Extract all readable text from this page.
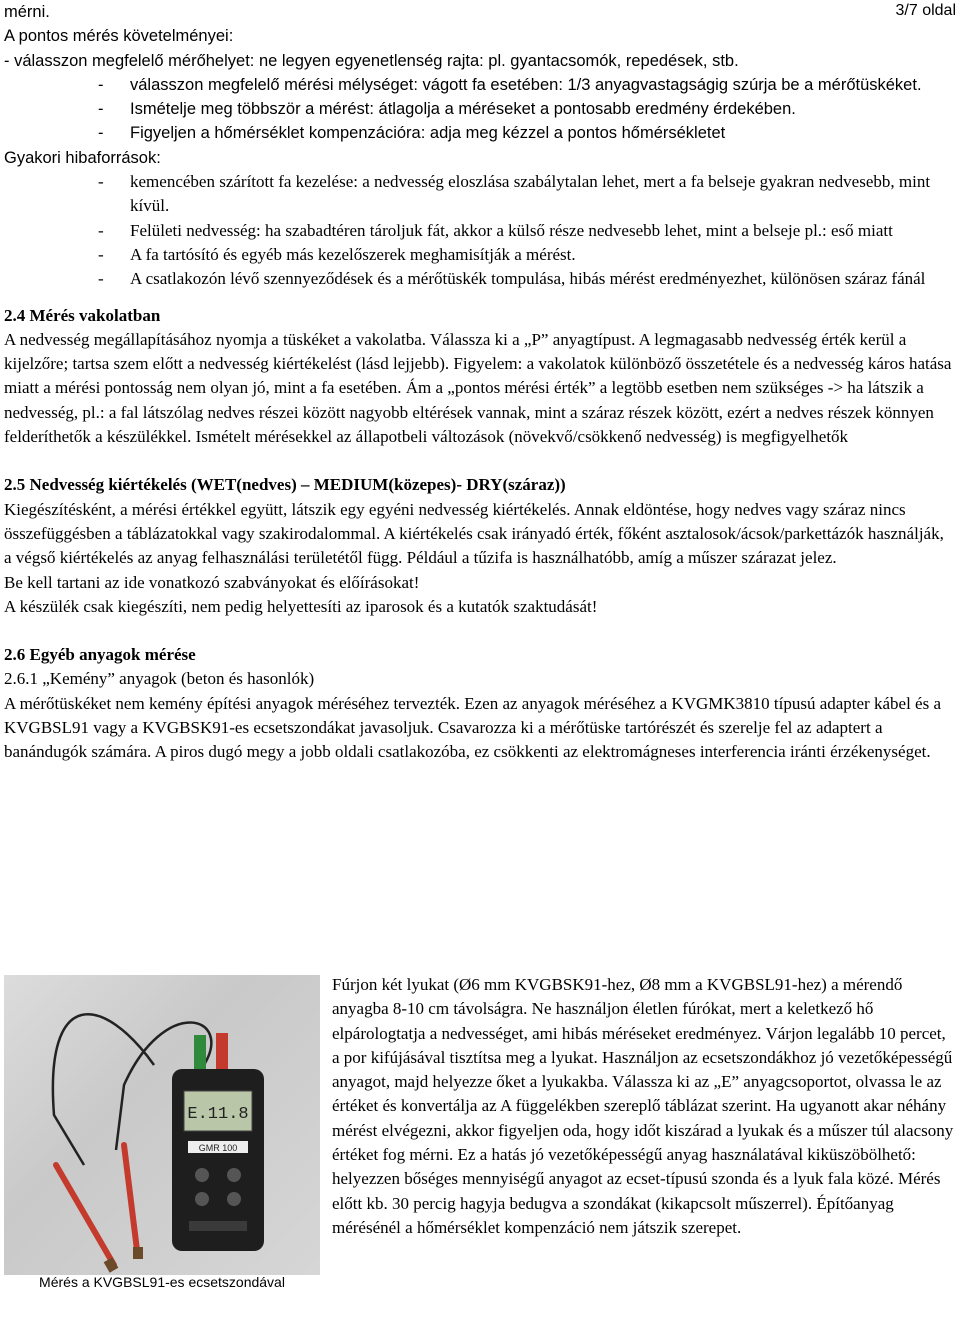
3/7 oldal
mérni.
A pontos mérés követelményei:
- válasszon megfelelő mérőhelyet: ne legyen egyenetlenség rajta: pl. gyantacsomók, repedések, stb.
- válasszon megfelelő mérési mélységet: vágott fa esetében: 1/3 anyagvastagságig szúrja be a mérőtüskéket.
- Ismételje meg többször a mérést: átlagolja a méréseket a pontosabb eredmény érdekében.
- Figyeljen a hőmérséklet kompenzációra: adja meg kézzel a pontos hőmérsékletet
Gyakori hibaforrások:
- kemencében szárított fa kezelése: a nedvesség eloszlása szabálytalan lehet, mert a fa belseje gyakran nedvesebb, mint kívül.
- Felületi nedvesség: ha szabadtéren tároljuk fát, akkor a külső része nedvesebb lehet, mint a belseje pl.: eső miatt
- A fa tartósító és egyéb más kezelőszerek meghamisítják a mérést.
- A csatlakozón lévő szennyeződések és a mérőtüskék tompulása, hibás mérést eredményezhet, különösen száraz fánál
2.4 Mérés vakolatban
A nedvesség megállapításához nyomja a tüskéket a vakolatba. Válassza ki a „P” anyagtípust. A legmagasabb nedvesség érték kerül a kijelzőre; tartsa szem előtt a nedvesség kiértékelést (lásd lejjebb). Figyelem: a vakolatok különböző összetétele és a nedvesség káros hatása miatt a mérési pontosság nem olyan jó, mint a fa esetében. Ám a „pontos mérési érték” a legtöbb esetben nem szükséges -> ha látszik a nedvesség, pl.: a fal látszólag nedves részei között nagyobb eltérések vannak, mint a száraz részek között, ezért a nedves részek könnyen felderíthetők a készülékkel. Ismételt mérésekkel az állapotbeli változások (növekvő/csökkenő nedvesség) is megfigyelhetők
2.5 Nedvesség kiértékelés (WET(nedves) – MEDIUM(közepes)- DRY(száraz))
Kiegészítésként, a mérési értékkel együtt, látszik egy egyéni nedvesség kiértékelés. Annak eldöntése, hogy nedves vagy száraz nincs összefüggésben a táblázatokkal vagy szakirodalommal. A kiértékelés csak irányadó érték, főként asztalosok/ácsok/parkettázók használják, a végső kiértékelés az anyag felhasználási területétől függ. Például a tűzifa is használhatóbb, amíg a műszer szárazat jelez.
Be kell tartani az ide vonatkozó szabványokat és előírásokat!
A készülék csak kiegészíti, nem pedig helyettesíti az iparosok és a kutatók szaktudását!
2.6 Egyéb anyagok mérése
2.6.1 „Kemény” anyagok (beton és hasonlók)
A mérőtüskéket nem kemény építési anyagok méréséhez tervezték. Ezen az anyagok méréséhez a KVGMK3810 típusú adapter kábel és a KVGBSL91 vagy a KVGBSK91-es ecsetszondákat javasoljuk. Csavarozza ki a mérőtüske tartórészét és szerelje fel az adaptert a banándugók számára. A piros dugó megy a jobb oldali csatlakozóba, ez csökkenti az elektromágneses interferencia iránti érzékenységet.
E.11.8
GMR 100
Mérés a KVGBSL91-es ecsetszondával
Fúrjon két lyukat (Ø6 mm KVGBSK91-hez, Ø8 mm a KVGBSL91-hez) a mérendő anyagba 8-10 cm távolságra. Ne használjon életlen fúrókat, mert a keletkező hő elpárologtatja a nedvességet, ami hibás méréseket eredményez. Várjon legalább 10 percet, a por kifújásával tisztítsa meg a lyukat. Használjon az ecsetszondákhoz jó vezetőképességű anyagot, majd helyezze őket a lyukakba. Válassza ki az „E” anyagcsoportot, olvassa le az értéket és konvertálja az A függelékben szereplő táblázat szerint. Ha ugyanott akar néhány mérést elvégezni, akkor figyeljen oda, hogy időt kiszárad a lyukak és a műszer túl alacsony értéket fog mérni. Ez a hatás jó vezetőképességű anyag használatával kiküszöbölhető: helyezzen bőséges mennyiségű anyagot az ecset-típusú szonda és a lyuk fala közé. Mérés előtt kb. 30 percig hagyja bedugva a szondákat (kikapcsolt műszerrel). Építőanyag mérésénél a hőmérséklet kompenzáció nem játszik szerepet.
